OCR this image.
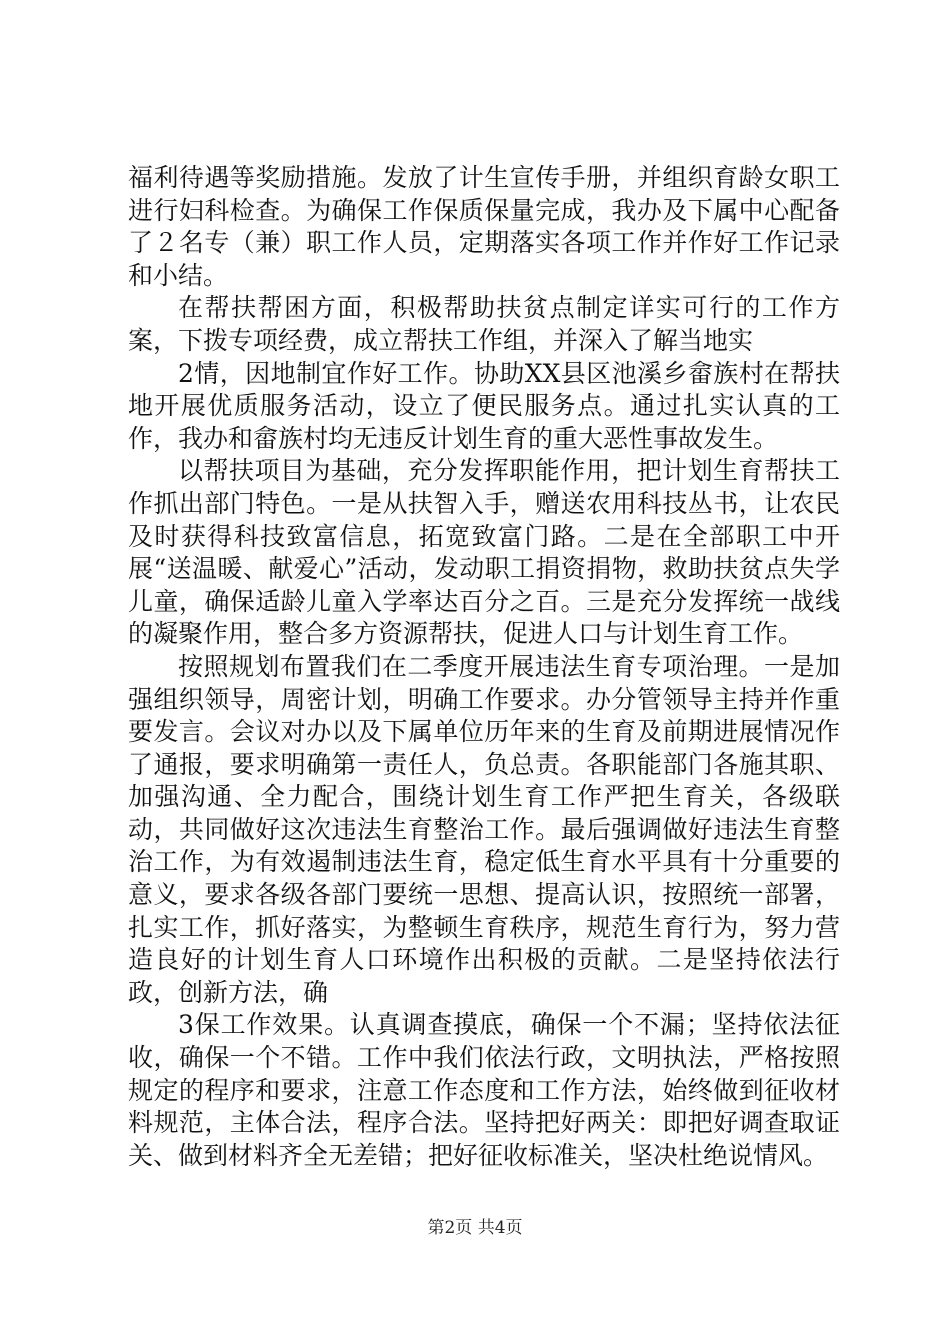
福利待遇等奖励措施。发放了计生宣传手册，并组织育龄女职工进行妇科检查。为确保工作保质保量完成，我办及下属中心配备了２名专（兼）职工作人员，定期落实各项工作并作好工作记录和小结。

在帮扶帮困方面，积极帮助扶贫点制定详实可行的工作方案，下拨专项经费，成立帮扶工作组，并深入了解当地实

2情，因地制宜作好工作。协助XX县区池溪乡畲族村在帮扶地开展优质服务活动，设立了便民服务点。通过扎实认真的工作，我办和畲族村均无违反计划生育的重大恶性事故发生。

以帮扶项目为基础，充分发挥职能作用，把计划生育帮扶工作抓出部门特色。一是从扶智入手，赠送农用科技丛书，让农民及时获得科技致富信息，拓宽致富门路。二是在全部职工中开展“送温暖、献爱心”活动，发动职工捐资捐物，救助扶贫点失学儿童，确保适龄儿童入学率达百分之百。三是充分发挥统一战线的凝聚作用，整合多方资源帮扶，促进人口与计划生育工作。

按照规划布置我们在二季度开展违法生育专项治理。一是加强组织领导，周密计划，明确工作要求。办分管领导主持并作重要发言。会议对办以及下属单位历年来的生育及前期进展情况作了通报，要求明确第一责任人，负总责。各职能部门各施其职、加强沟通、全力配合，围绕计划生育工作严把生育关，各级联动，共同做好这次违法生育整治工作。最后强调做好违法生育整治工作，为有效遏制违法生育，稳定低生育水平具有十分重要的意义，要求各级各部门要统一思想、提高认识，按照统一部署，扎实工作，抓好落实，为整顿生育秩序，规范生育行为，努力营造良好的计划生育人口环境作出积极的贡献。二是坚持依法行政，创新方法，确

3保工作效果。认真调查摸底，确保一个不漏；坚持依法征收，确保一个不错。工作中我们依法行政，文明执法，严格按照规定的程序和要求，注意工作态度和工作方法，始终做到征收材料规范，主体合法，程序合法。坚持把好两关：即把好调查取证关、做到材料齐全无差错；把好征收标准关，坚决杜绝说情风。

第2页 共4页
